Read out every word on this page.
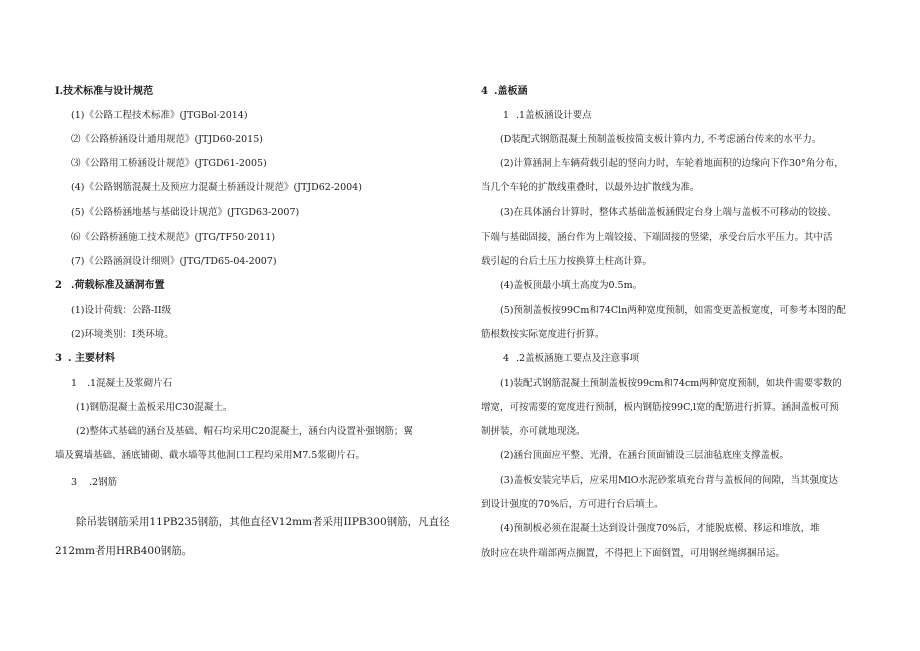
I.技术标准与设计规范
(1)《公路工程技术标准》(JTGBol·2014)
⑵《公路桥涵设计通用规范》(JTJD60-2015)
⑶《公路用工桥涵设计规范》(JTGD61-2005)
(4)《公路钢筋混凝土及预应力混凝土桥涵设计规范》(JTJD62-2004)
(5)《公路桥涵地基与基础设计规范》(JTGD63-2007)
⑹《公路桥涵施工技术规范》(JTG/TF50·2011)
(7)《公路涵洞设计细则》(JTG/TD65-04-2007)
2 .荷载标准及涵洞布置
(1)设计荷载：公路-II级
(2)环境类别：I类环境。
3 . 主要材料
1 .1混凝土及浆砌片石
(1)钢筋混凝土盖板采用C30混凝土。
(2)整体式基础的涵台及基础、帽石均采用C20混凝土，涵台内设置补强钢筋；翼
墙及翼墙基础、涵底铺砌、截水墙等其他洞口工程均采用M7.5浆砌片石。
3 .2钢筋
除吊装钢筋采用11PB235钢筋，其他直径V12mm者采用IIPB300钢筋，凡直径
212mm者用HRB400钢筋。
4 .盖板涵
1 .1盖板涵设计要点
(D装配式钢筋混凝土预制盖板按简支板计算内力, 不考虑涵台传来的水平力。
(2)计算涵洞上车辆荷载引起的竖向力时，车轮着地面积的边缘向下作30°角分布，
当几个车轮的扩散线重叠时，以最外边扩散线为准。
(3)在具体涵台计算时，整体式基础盖板涵假定台身上端与盖板不可移动的铰接、
下端与基础固接，涵台作为上端铰接、下端固接的竖梁，承受台后水平压力。其中活
载引起的台后土压力按换算土柱高计算。
(4)盖板顶最小填土高度为0.5m。
(5)预制盖板按99Cm和74Cln两种宽度预制，如需变更盖板宽度，可参考本图的配
筋根数按实际宽度进行折算。
4 .2盖板涵施工要点及注意事项
(1)装配式钢筋混凝土预制盖板按99cm和74cm两种宽度预制，如块件需要零数的
增宽，可按需要的宽度进行预制，板内钢筋按99C,l宽的配筋进行折算。涵洞盖板可预
制拼装，亦可就地现浇。
(2)涵台顶面应平整、光滑，在涵台顶面铺设三层油毡底座支撑盖板。
(3)盖板安装完毕后，应采用MlO水泥砂浆填充台背与盖板间的间隙，当其强度达
到设计强度的70%后，方可进行台后填土。
(4)预制板必须在混凝土达到设计强度70%后，才能脱底模、移运和堆放，堆
放时应在块件端部两点搁置，不得把上下面倒置，可用钢丝绳绑捆吊运。
